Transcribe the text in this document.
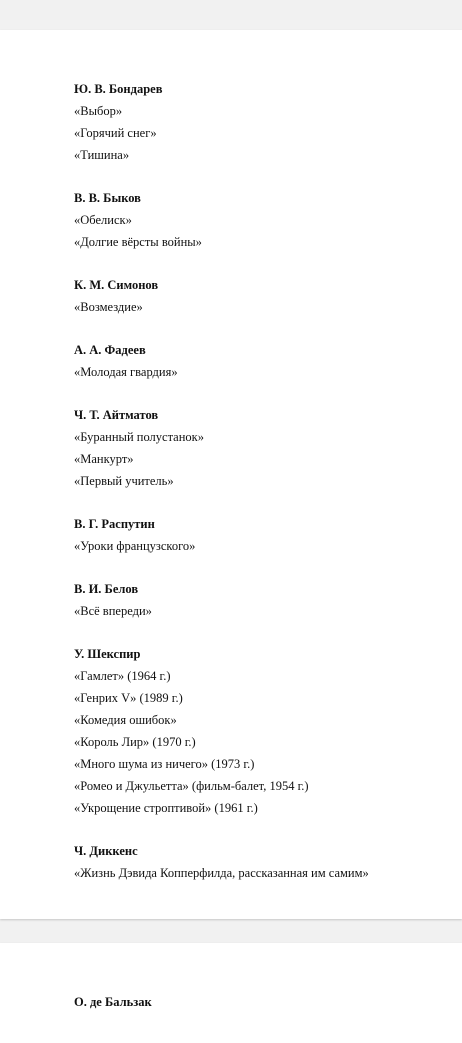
Ю. В. Бондарев
«Выбор»
«Горячий снег»
«Тишина»
В. В. Быков
«Обелиск»
«Долгие вёрсты войны»
К. М. Симонов
«Возмездие»
А. А. Фадеев
«Молодая гвардия»
Ч. Т. Айтматов
«Буранный полустанок»
«Манкурт»
«Первый учитель»
В. Г. Распутин
«Уроки французского»
В. И. Белов
«Всё впереди»
У. Шекспир
«Гамлет» (1964 г.)
«Генрих V» (1989 г.)
«Комедия ошибок»
«Король Лир» (1970 г.)
«Много шума из ничего» (1973 г.)
«Ромео и Джульетта» (фильм-балет, 1954 г.)
«Укрощение строптивой» (1961 г.)
Ч. Диккенс
«Жизнь Дэвида Копперфилда, рассказанная им самим»
О. де Бальзак
